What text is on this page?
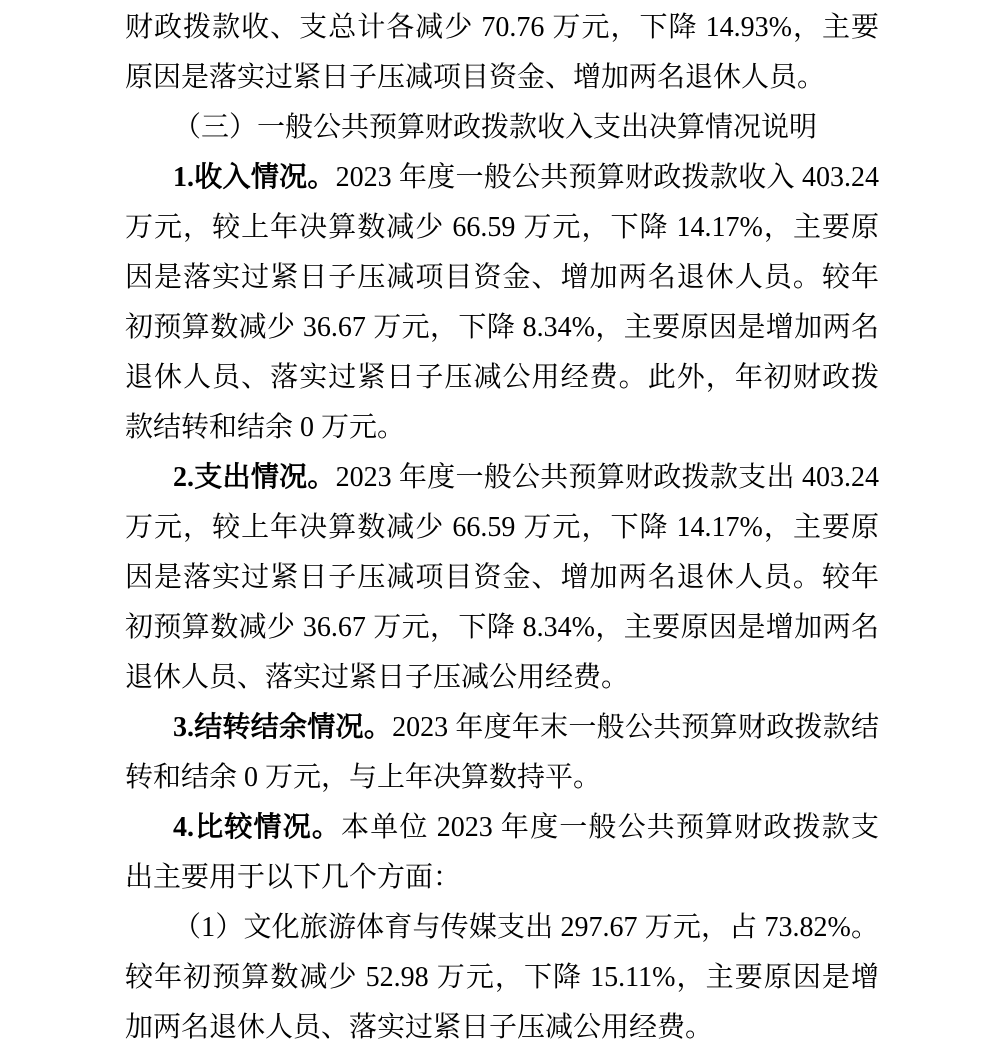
财政拨款收、支总计各减少 70.76 万元，下降 14.93%，主要原因是落实过紧日子压减项目资金、增加两名退休人员。

（三）一般公共预算财政拨款收入支出决算情况说明

1.收入情况。2023 年度一般公共预算财政拨款收入 403.24 万元，较上年决算数减少 66.59 万元，下降 14.17%，主要原因是落实过紧日子压减项目资金、增加两名退休人员。较年初预算数减少 36.67 万元，下降 8.34%，主要原因是增加两名退休人员、落实过紧日子压减公用经费。此外，年初财政拨款结转和结余 0 万元。

2.支出情况。2023 年度一般公共预算财政拨款支出 403.24 万元，较上年决算数减少 66.59 万元，下降 14.17%，主要原因是落实过紧日子压减项目资金、增加两名退休人员。较年初预算数减少 36.67 万元，下降 8.34%，主要原因是增加两名退休人员、落实过紧日子压减公用经费。

3.结转结余情况。2023 年度年末一般公共预算财政拨款结转和结余 0 万元，与上年决算数持平。

4.比较情况。本单位 2023 年度一般公共预算财政拨款支出主要用于以下几个方面：

（1）文化旅游体育与传媒支出 297.67 万元，占 73.82%。较年初预算数减少 52.98 万元，下降 15.11%，主要原因是增加两名退休人员、落实过紧日子压减公用经费。
